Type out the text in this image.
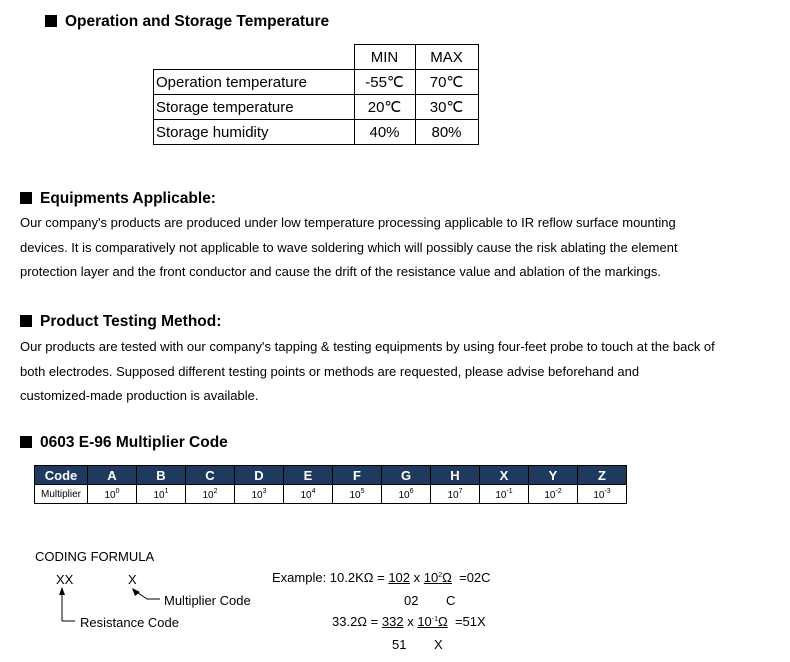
Operation and Storage Temperature
	MIN	MAX
Operation temperature	-55℃	70℃
Storage temperature	20℃	30℃
Storage humidity	40%	80%
Equipments Applicable:
Our company's products are produced under low temperature processing applicable to IR reflow surface mounting
devices. It is comparatively not applicable to wave soldering which will possibly cause the risk ablating the element
protection layer and the front conductor and cause the drift of the resistance value and ablation of the markings.
Product Testing Method:
Our products are tested with our company's tapping & testing equipments by using four-feet probe to touch at the back of
both electrodes. Supposed different testing points or methods are requested, please advise beforehand and
customized-made production is available.
0603 E-96 Multiplier Code
Code	A	B	C	D	E	F	G	H	X	Y	Z
Multiplier	$10^0$	$10^1$	$10^2$	$10^3$	$10^4$	$10^5$	$10^6$	$10^7$	$10^{-1}$	$10^{-2}$	$10^{-3}$
CODING FORMULA
XX	X
Multiplier Code
Resistance Code
Example: 10.2KΩ = 102 x $10^2\Omega =02C$
02 C
33.2Ω = 332 x $10^{-1}\Omega =51X$
51 X
